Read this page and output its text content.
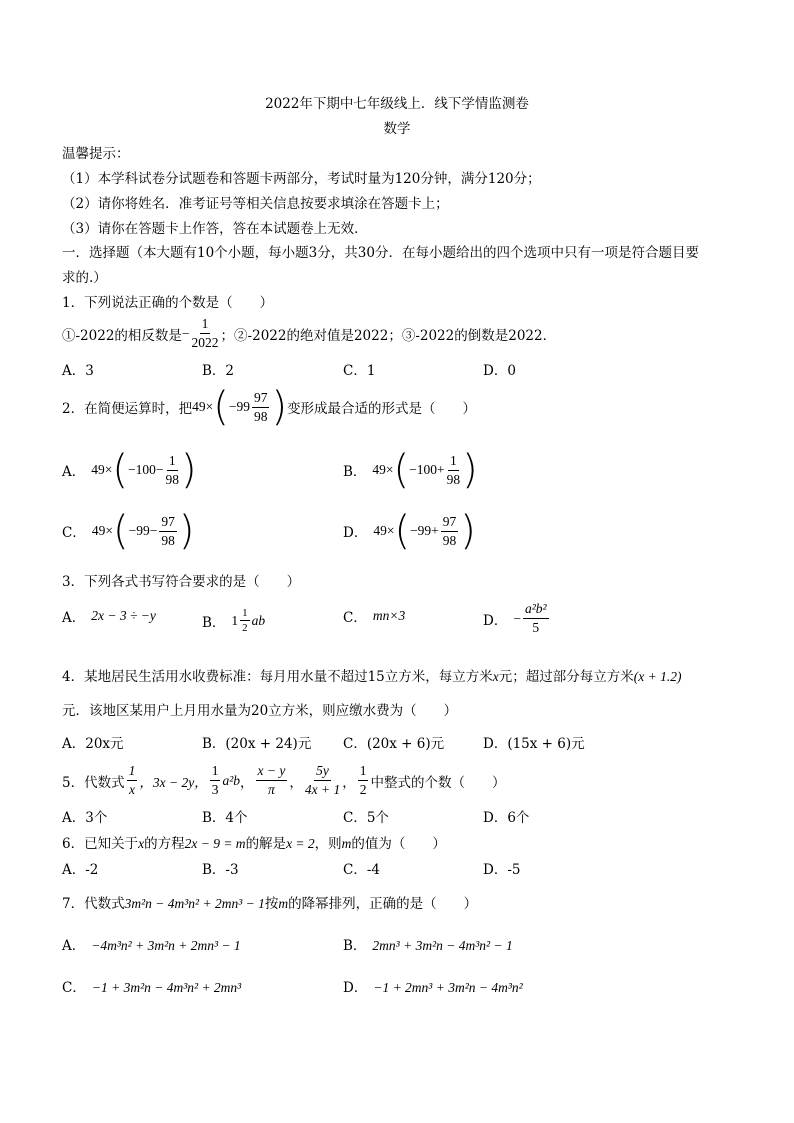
2022年下期中七年级线上．线下学情监测卷
数学
温馨提示：
（1）本学科试卷分试题卷和答题卡两部分，考试时量为120分钟，满分120分；
（2）请你将姓名．准考证号等相关信息按要求填涂在答题卡上；
（3）请你在答题卡上作答，答在本试题卷上无效．
一．选择题（本大题有10个小题，每小题3分，共30分．在每小题给出的四个选项中只有一项是符合题目要
求的.）
1．下列说法正确的个数是（　　）
①-2022的相反数是 − $\frac{1}{2022}$ ；②-2022的绝对值是2022；③-2022的倒数是2022．
A．3	B．2	C．1	D．0
2．在简便运算时，把 49× ( $-99 \frac{97}{98}$ ) 变形成最合适的形式是（　　）
A． 49× ( $-100- \frac{1}{98}$ )	B． 49× ( $-100+ \frac{1}{98}$ )
C． 49× ( $-99- \frac{97}{98}$ )	D． 49× ( $-99+ \frac{97}{98}$ )
3．下列各式书写符合要求的是（　　）
A． 2x − 3 ÷ −y	B． $1 \frac{1}{2}$ ab	C． mn×3	D． − $\frac{\text{a²b²}}{5}$
4．某地居民生活用水收费标准：每月用水量不超过15立方米，每立方米x元；超过部分每立方米(x + 1.2)
元．该地区某用户上月用水量为20立方米，则应缴水费为（　　）
A．20x元	B．(20x + 24)元 C．(20x + 6)元	D．(15x + 6)元
5．代数式 $\frac{1}{x}$ ，3x − 2y， $\frac{1}{3} a^2b$ ， $\frac{x - y}{\pi}$ ， $\frac{5y}{4x + 1}$ ， $\frac{1}{2}$ 中整式的个数（　　）
A．3个	B．4个	C．5个	D．6个
6．已知关于x的方程2x − 9 = m的解是x = 2，则m的值为（　　）
A．-2	B．-3	C．-4	D．-5
7．代数式3m²n − 4m³n² + 2mn³ − 1按m的降幂排列，正确的是（　　）
A． −4m³n² + 3m²n + 2mn³ − 1	B． 2mn³ + 3m²n − 4m³n² − 1
C． −1 + 3m²n − 4m³n² + 2mn³	D． −1 + 2mn³ + 3m²n − 4m³n²
